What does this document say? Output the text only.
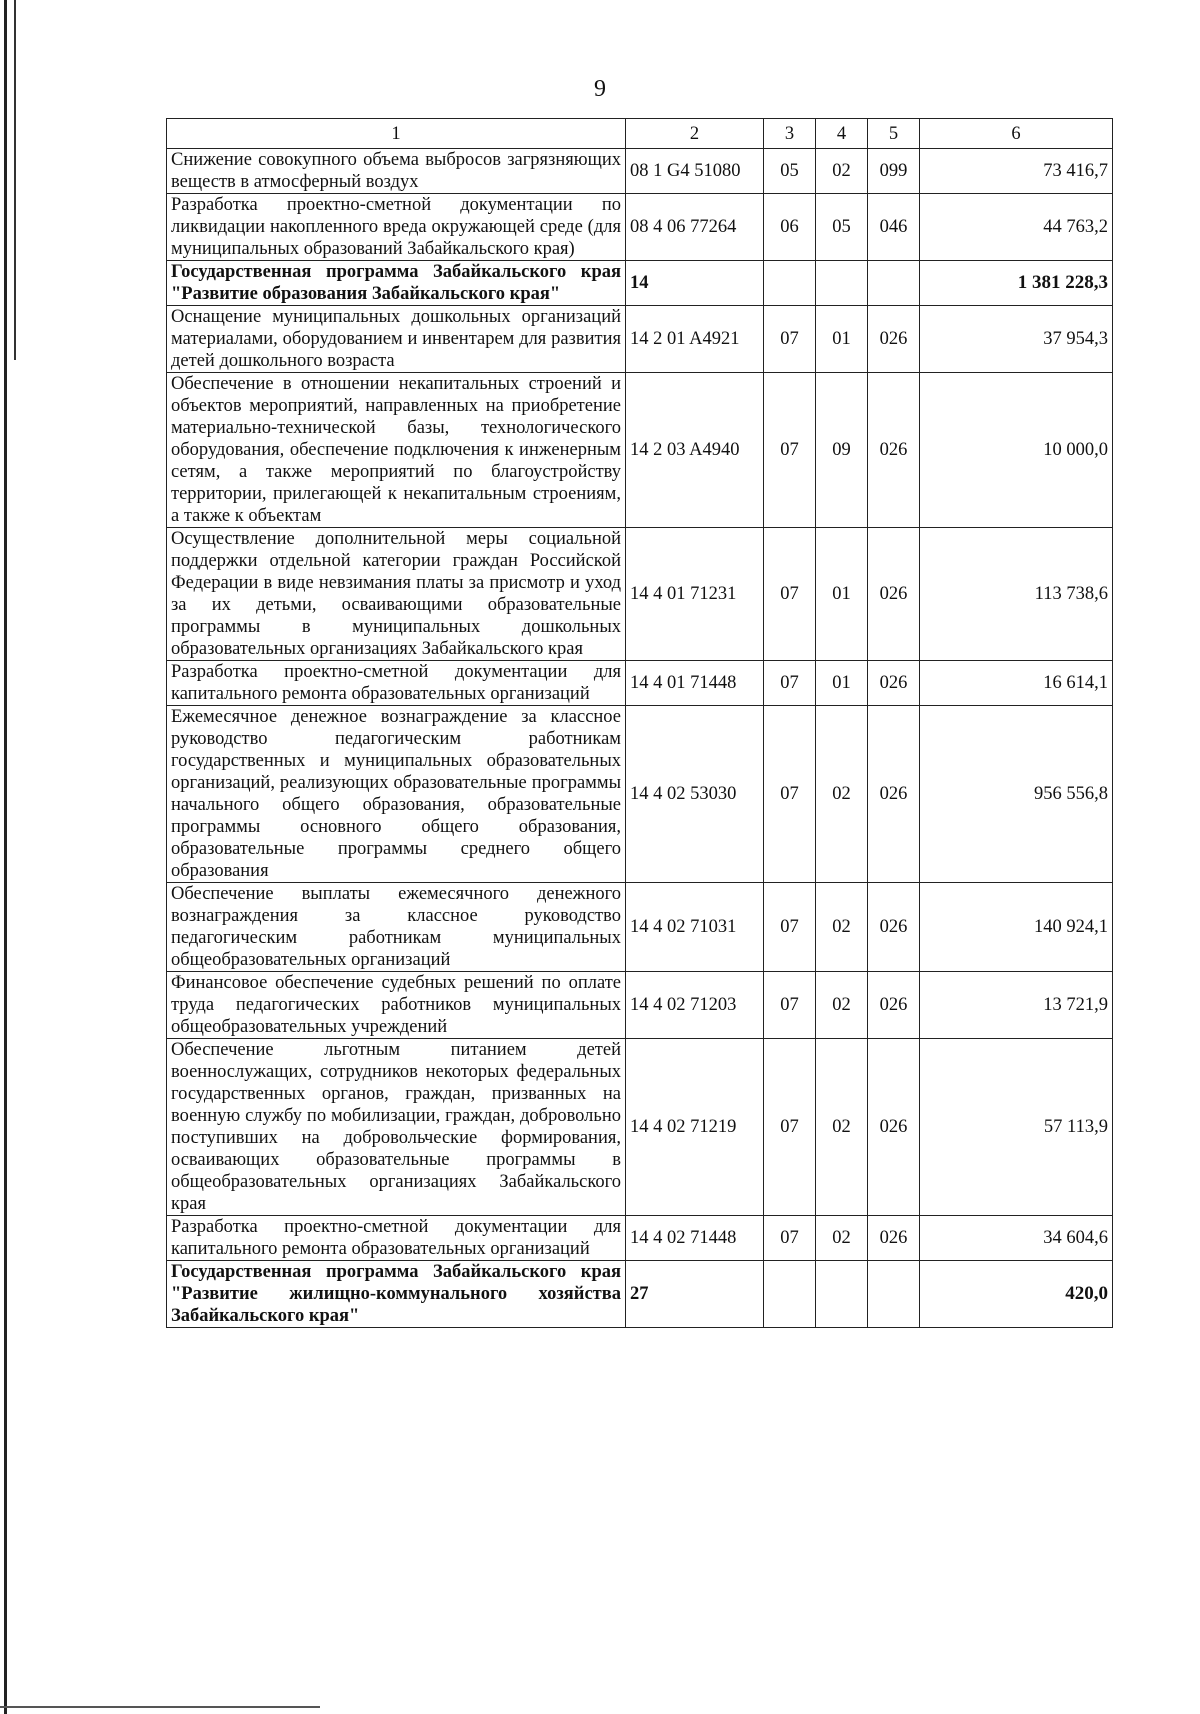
9
1	2	3	4	5	6
Снижение совокупного объема выбросов загрязняющих веществ в атмосферный воздух	08 1 G4 51080	05	02	099	73 416,7
Разработка проектно-сметной документации по ликвидации накопленного вреда окружающей среде (для муниципальных образований Забайкальского края)	08 4 06 77264	06	05	046	44 763,2
Государственная программа Забайкальского края "Развитие образования Забайкальского края"	14				1 381 228,3
Оснащение муниципальных дошкольных организаций материалами, оборудованием и инвентарем для развития детей дошкольного возраста	14 2 01 A4921	07	01	026	37 954,3
Обеспечение в отношении некапитальных строений и объектов мероприятий, направленных на приобретение материально-технической базы, технологического оборудования, обеспечение подключения к инженерным сетям, а также мероприятий по благоустройству территории, прилегающей к некапитальным строениям, а также к объектам	14 2 03 A4940	07	09	026	10 000,0
Осуществление дополнительной меры социальной поддержки отдельной категории граждан Российской Федерации в виде невзимания платы за присмотр и уход за их детьми, осваивающими образовательные программы в муниципальных дошкольных образовательных организациях Забайкальского края	14 4 01 71231	07	01	026	113 738,6
Разработка проектно-сметной документации для капитального ремонта образовательных организаций	14 4 01 71448	07	01	026	16 614,1
Ежемесячное денежное вознаграждение за классное руководство педагогическим работникам государственных и муниципальных образовательных организаций, реализующих образовательные программы начального общего образования, образовательные программы основного общего образования, образовательные программы среднего общего образования	14 4 02 53030	07	02	026	956 556,8
Обеспечение выплаты ежемесячного денежного вознаграждения за классное руководство педагогическим работникам муниципальных общеобразовательных организаций	14 4 02 71031	07	02	026	140 924,1
Финансовое обеспечение судебных решений по оплате труда педагогических работников муниципальных общеобразовательных учреждений	14 4 02 71203	07	02	026	13 721,9
Обеспечение льготным питанием детей военнослужащих, сотрудников некоторых федеральных государственных органов, граждан, призванных на военную службу по мобилизации, граждан, добровольно поступивших на добровольческие формирования, осваивающих образовательные программы в общеобразовательных организациях Забайкальского края	14 4 02 71219	07	02	026	57 113,9
Разработка проектно-сметной документации для капитального ремонта образовательных организаций	14 4 02 71448	07	02	026	34 604,6
Государственная программа Забайкальского края "Развитие жилищно-коммунального хозяйства Забайкальского края"	27				420,0
